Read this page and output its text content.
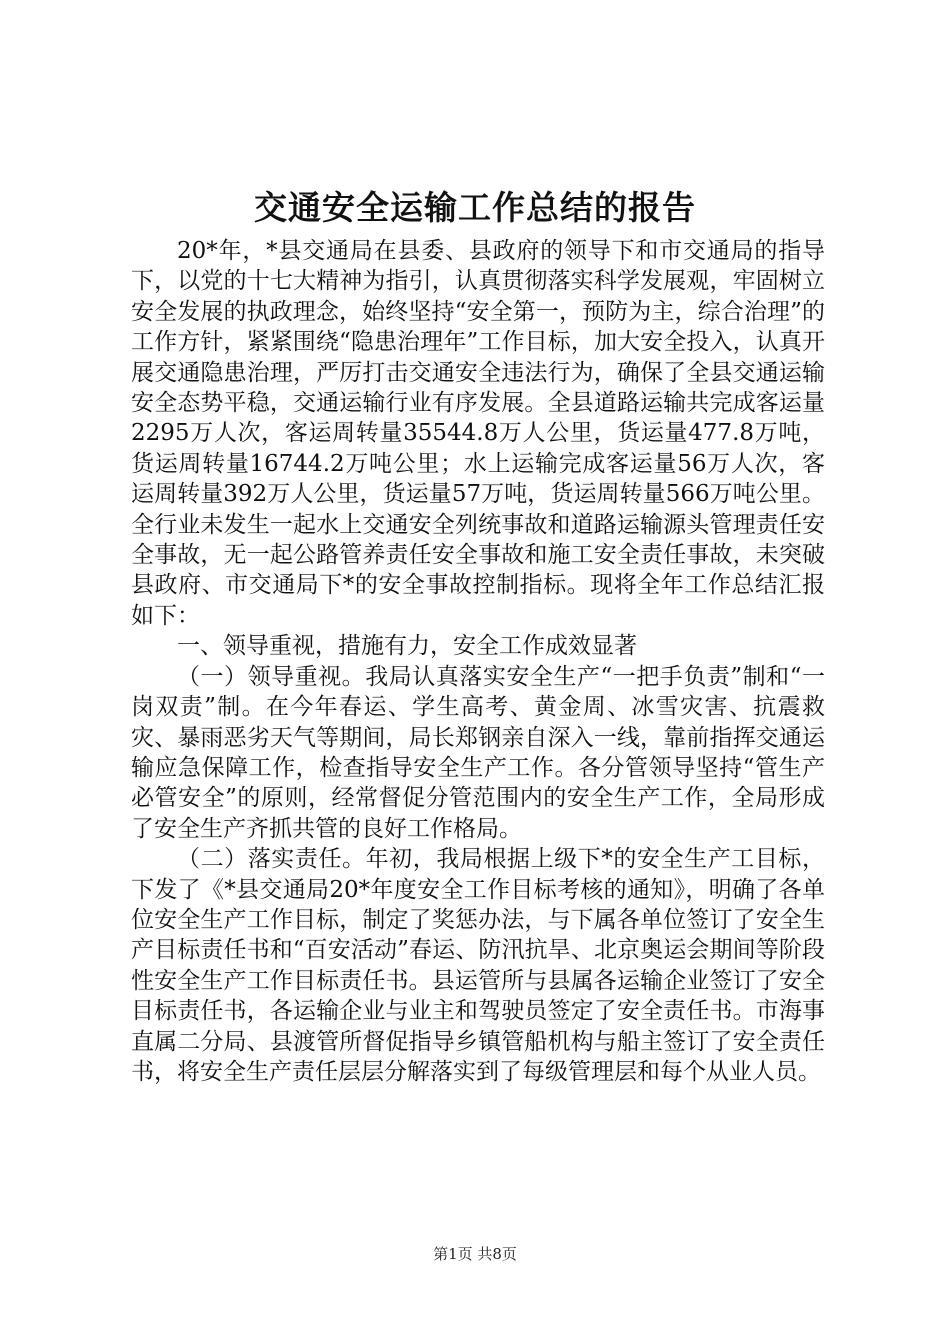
交通安全运输工作总结的报告

20*年，*县交通局在县委、县政府的领导下和市交通局的指导下，以党的十七大精神为指引，认真贯彻落实科学发展观，牢固树立安全发展的执政理念，始终坚持“安全第一，预防为主，综合治理”的工作方针，紧紧围绕“隐患治理年”工作目标，加大安全投入，认真开展交通隐患治理，严厉打击交通安全违法行为，确保了全县交通运输安全态势平稳，交通运输行业有序发展。全县道路运输共完成客运量2295万人次，客运周转量35544.8万人公里，货运量477.8万吨，货运周转量16744.2万吨公里；水上运输完成客运量56万人次，客运周转量392万人公里，货运量57万吨，货运周转量566万吨公里。全行业未发生一起水上交通安全列统事故和道路运输源头管理责任安全事故，无一起公路管养责任安全事故和施工安全责任事故，未突破县政府、市交通局下*的安全事故控制指标。现将全年工作总结汇报如下：

一、领导重视，措施有力，安全工作成效显著

（一）领导重视。我局认真落实安全生产“一把手负责”制和“一岗双责”制。在今年春运、学生高考、黄金周、冰雪灾害、抗震救灾、暴雨恶劣天气等期间，局长郑钢亲自深入一线，靠前指挥交通运输应急保障工作，检查指导安全生产工作。各分管领导坚持“管生产必管安全”的原则，经常督促分管范围内的安全生产工作，全局形成了安全生产齐抓共管的良好工作格局。

（二）落实责任。年初，我局根据上级下*的安全生产工目标，下发了《*县交通局20*年度安全工作目标考核的通知》，明确了各单位安全生产工作目标，制定了奖惩办法，与下属各单位签订了安全生产目标责任书和“百安活动”春运、防汛抗旱、北京奥运会期间等阶段性安全生产工作目标责任书。县运管所与县属各运输企业签订了安全目标责任书，各运输企业与业主和驾驶员签定了安全责任书。市海事直属二分局、县渡管所督促指导乡镇管船机构与船主签订了安全责任书，将安全生产责任层层分解落实到了每级管理层和每个从业人员。

第1页 共8页
